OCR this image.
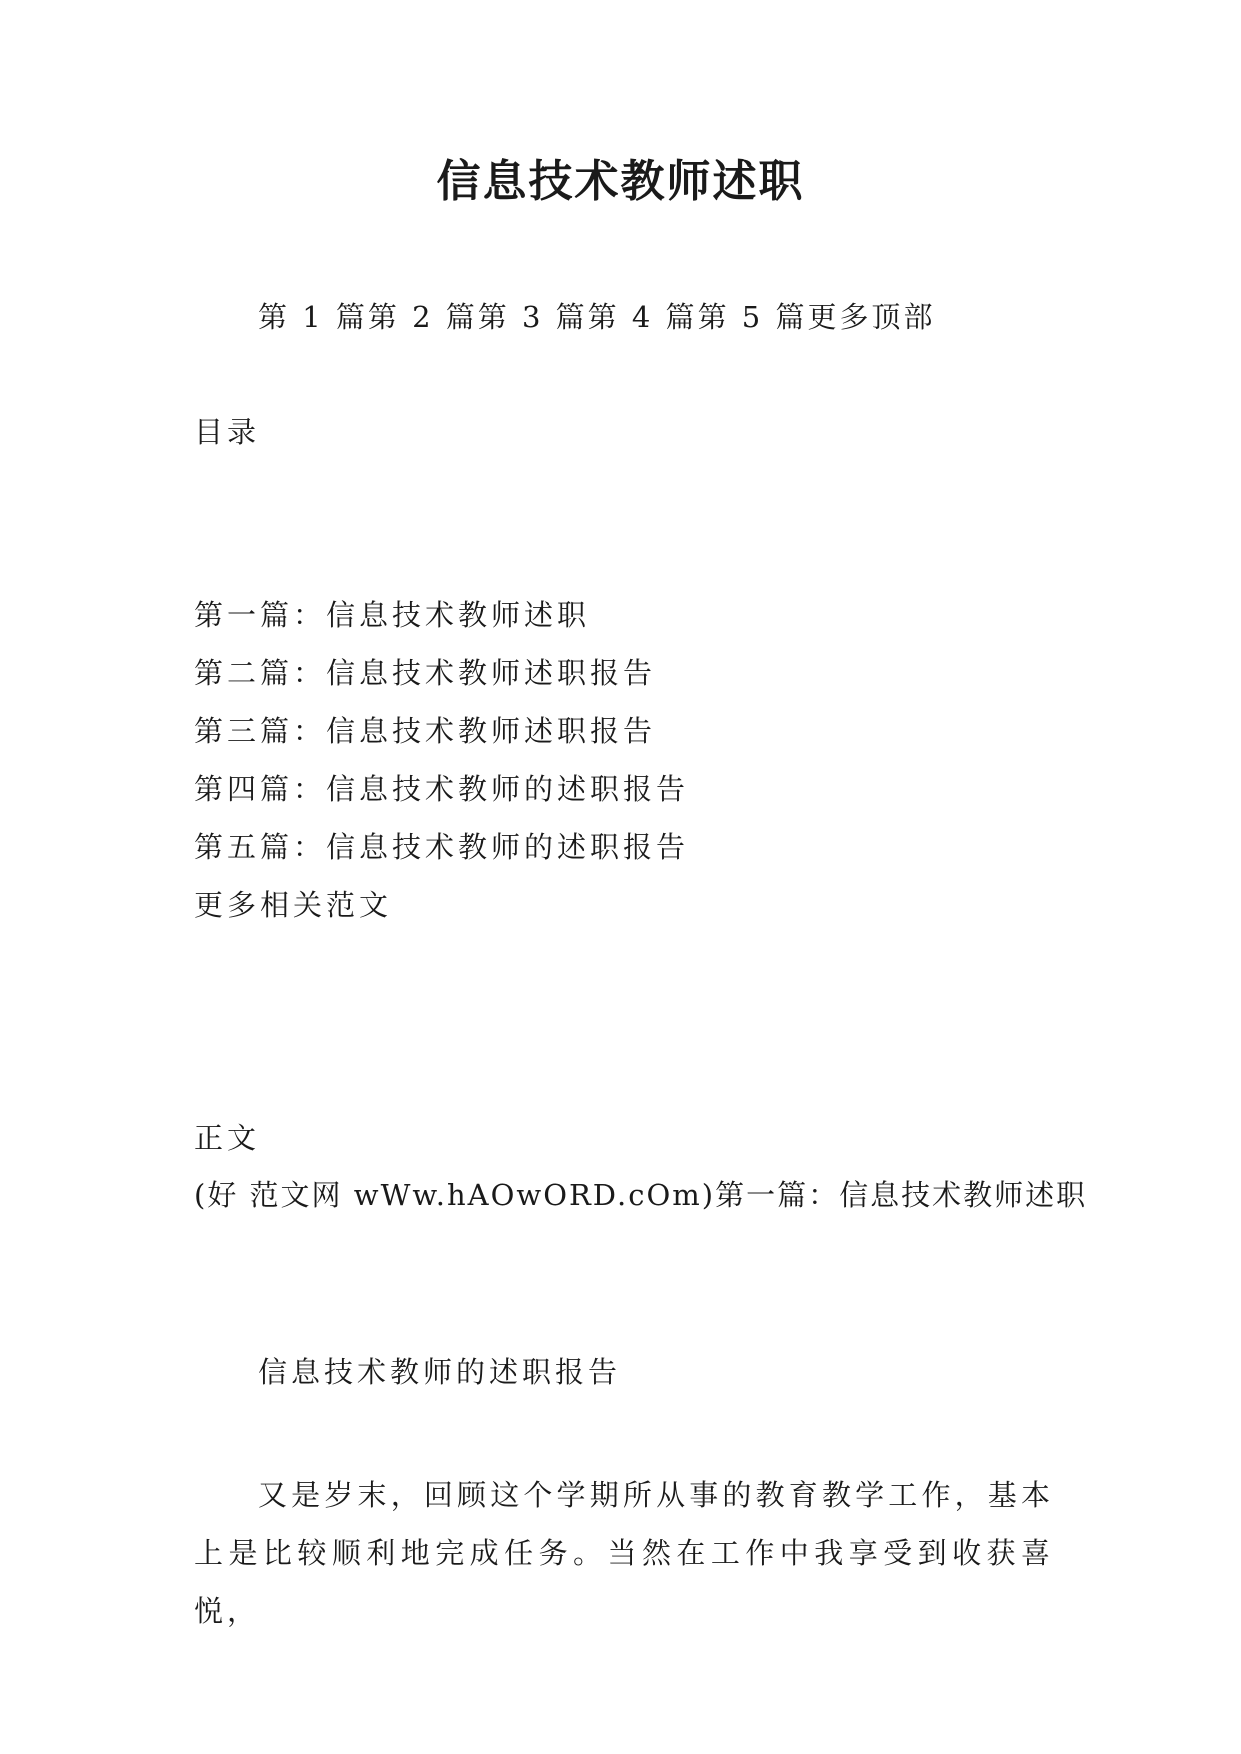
信息技术教师述职
第 1 篇第 2 篇第 3 篇第 4 篇第 5 篇更多顶部
目录
第一篇：信息技术教师述职
第二篇：信息技术教师述职报告
第三篇：信息技术教师述职报告
第四篇：信息技术教师的述职报告
第五篇：信息技术教师的述职报告
更多相关范文
正文
(好 范文网 wWw.hAOwORD.cOm)第一篇：信息技术教师述职
信息技术教师的述职报告
又是岁末，回顾这个学期所从事的教育教学工作，基本上是比较顺利地完成任务。当然在工作中我享受到收获喜悦，
